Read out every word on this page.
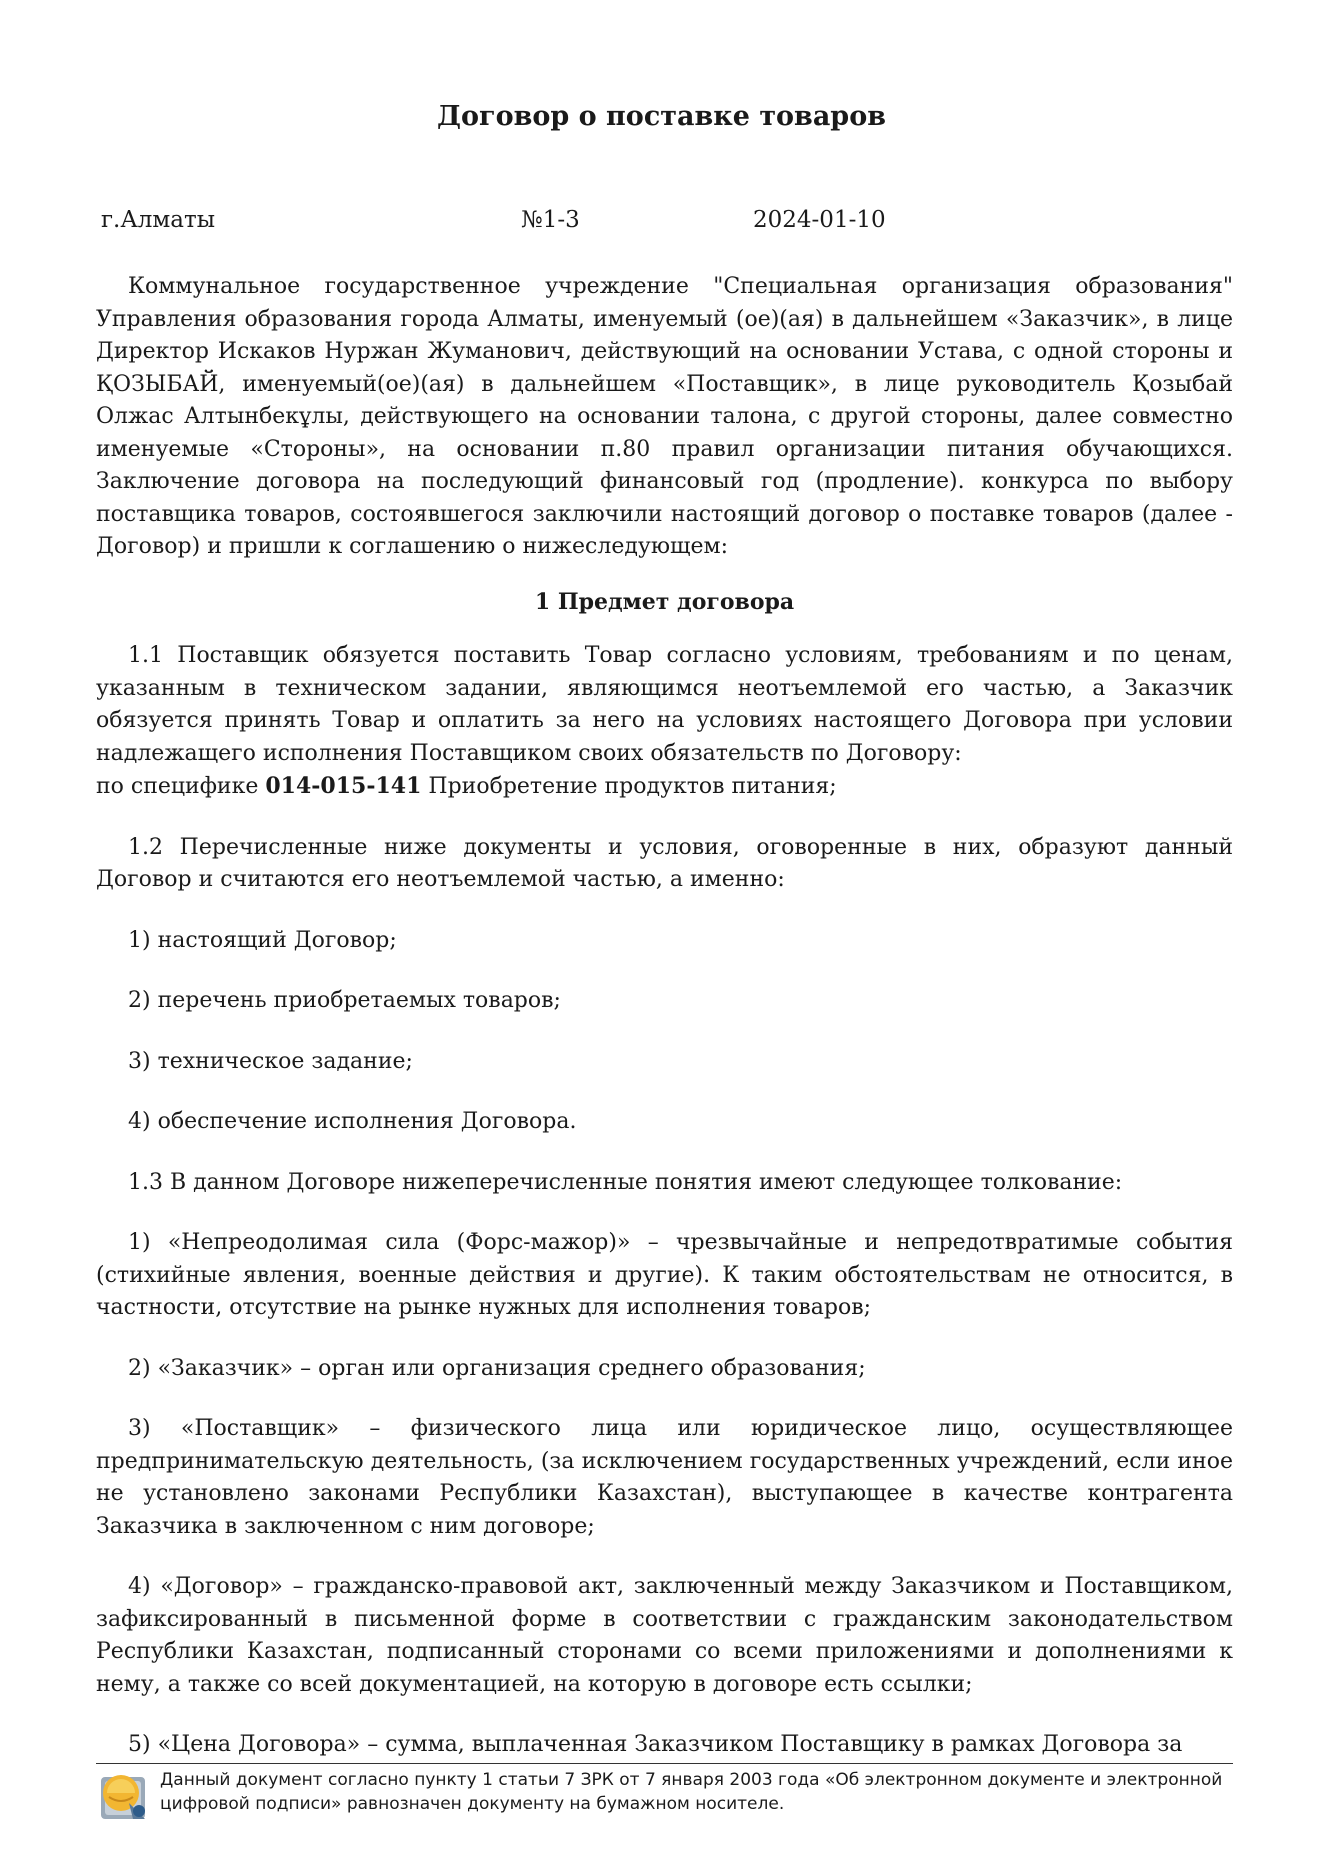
Договор о поставке товаров
г.Алматы	№1-3	2024-01-10

Коммунальное государственное учреждение "Специальная организация образования" Управления образования города Алматы, именуемый (ое)(ая) в дальнейшем «Заказчик», в лице Директор Искаков Нуржан Жуманович, действующий на основании Устава, с одной стороны и ҚОЗЫБАЙ, именуемый(ое)(ая) в дальнейшем «Поставщик», в лице руководитель Қозыбай Олжас Алтынбекұлы, действующего на основании талона, с другой стороны, далее совместно именуемые «Стороны», на основании п.80 правил организации питания обучающихся. Заключение договора на последующий финансовый год (продление). конкурса по выбору поставщика товаров, состоявшегося заключили настоящий договор о поставке товаров (далее - Договор) и пришли к соглашению о нижеследующем:

1 Предмет договора

1.1 Поставщик обязуется поставить Товар согласно условиям, требованиям и по ценам, указанным в техническом задании, являющимся неотъемлемой его частью, а Заказчик обязуется принять Товар и оплатить за него на условиях настоящего Договора при условии надлежащего исполнения Поставщиком своих обязательств по Договору:

по специфике 014-015-141 Приобретение продуктов питания;

1.2 Перечисленные ниже документы и условия, оговоренные в них, образуют данный Договор и считаются его неотъемлемой частью, а именно:

1) настоящий Договор;

2) перечень приобретаемых товаров;

3) техническое задание;

4) обеспечение исполнения Договора.

1.3 В данном Договоре нижеперечисленные понятия имеют следующее толкование:

1) «Непреодолимая сила (Форс-мажор)» – чрезвычайные и непредотвратимые события (стихийные явления, военные действия и другие). К таким обстоятельствам не относится, в частности, отсутствие на рынке нужных для исполнения товаров;

2) «Заказчик» – орган или организация среднего образования;

3) «Поставщик» – физического лица или юридическое лицо, осуществляющее предпринимательскую деятельность, (за исключением государственных учреждений, если иное не установлено законами Республики Казахстан), выступающее в качестве контрагента Заказчика в заключенном с ним договоре;

4) «Договор» – гражданско-правовой акт, заключенный между Заказчиком и Поставщиком, зафиксированный в письменной форме в соответствии с гражданским законодательством Республики Казахстан, подписанный сторонами со всеми приложениями и дополнениями к нему, а также со всей документацией, на которую в договоре есть ссылки;

5) «Цена Договора» – сумма, выплаченная Заказчиком Поставщику в рамках Договора за

Данный документ согласно пункту 1 статьи 7 ЗРК от 7 января 2003 года «Об электронном документе и электронной цифровой подписи» равнозначен документу на бумажном носителе.
